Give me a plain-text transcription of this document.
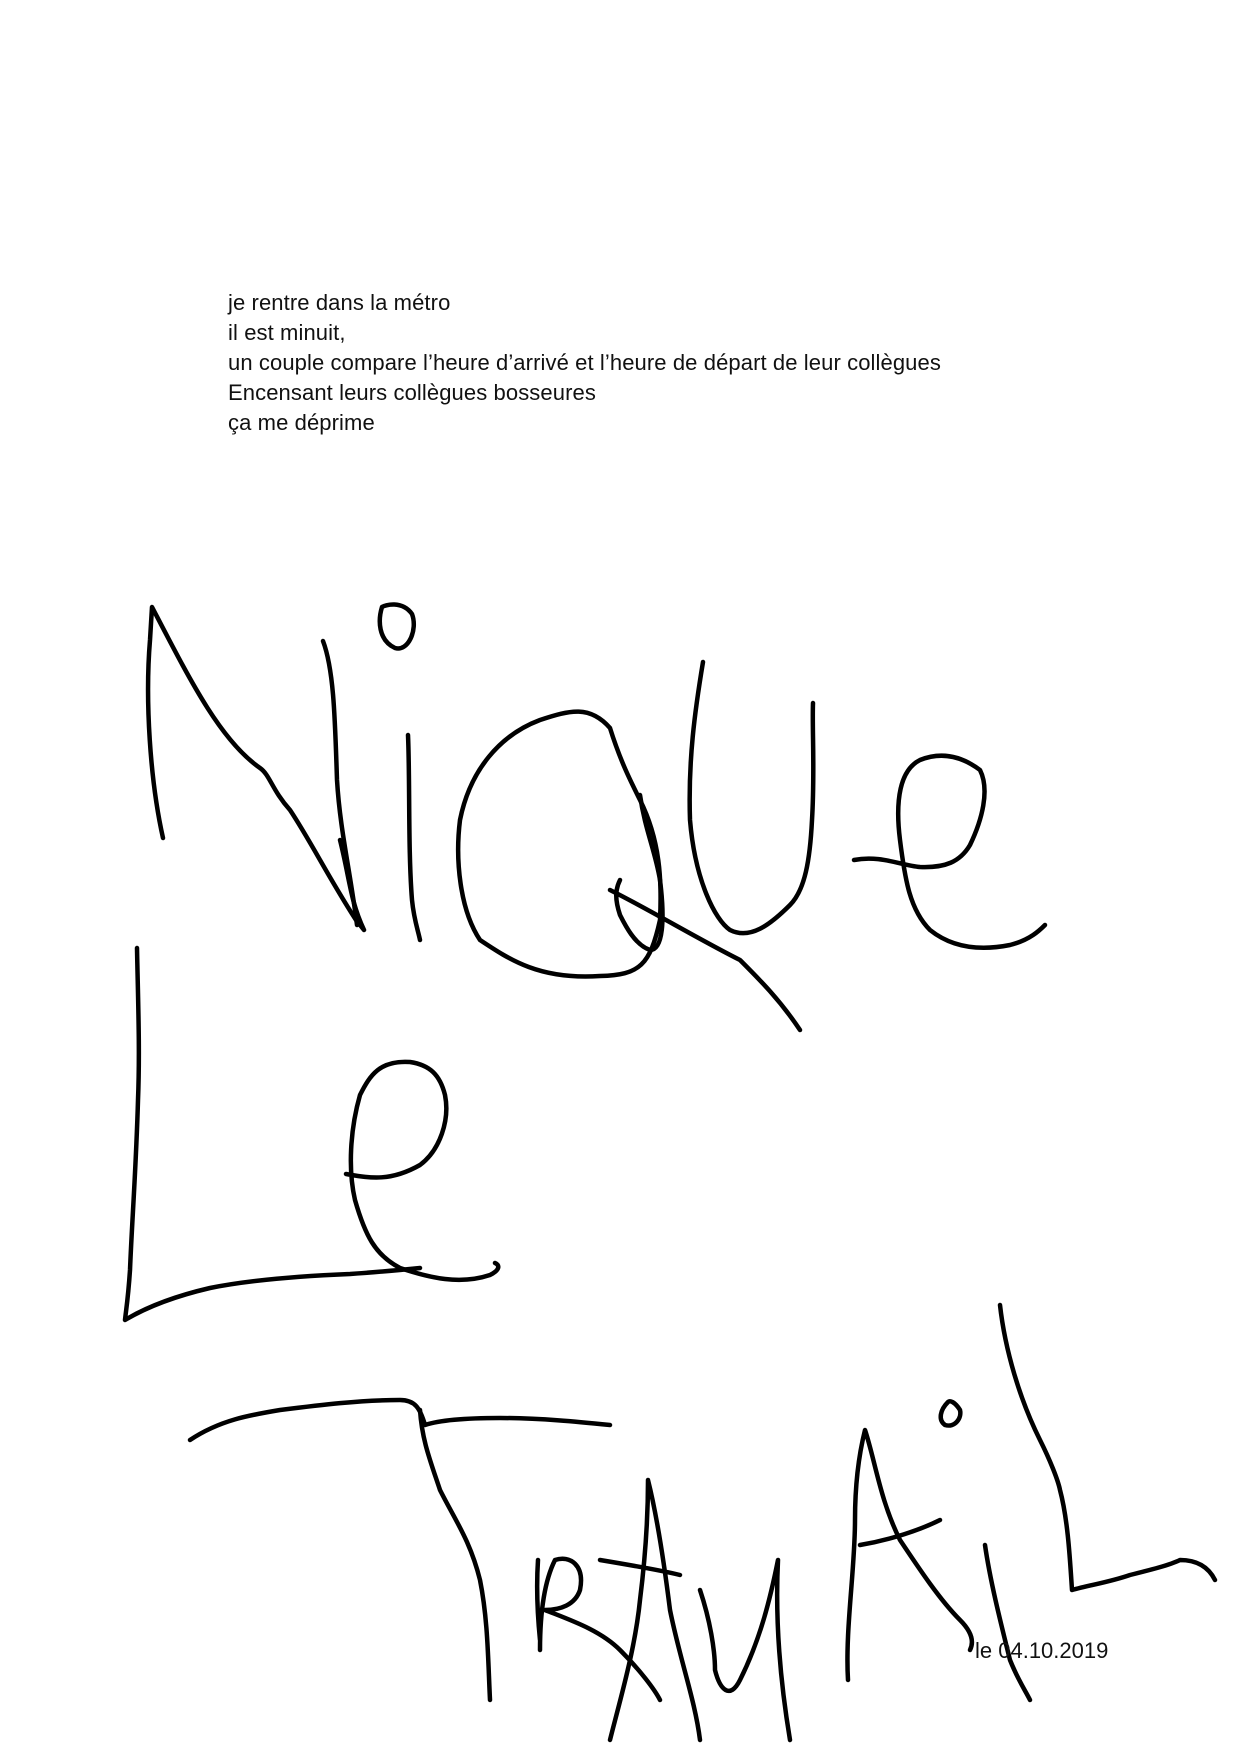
je rentre dans la métro
il est minuit,
un couple compare l’heure d’arrivé et l’heure de départ de leur collègues
Encensant leurs collègues bosseures
ça me déprime
le 04.10.2019
